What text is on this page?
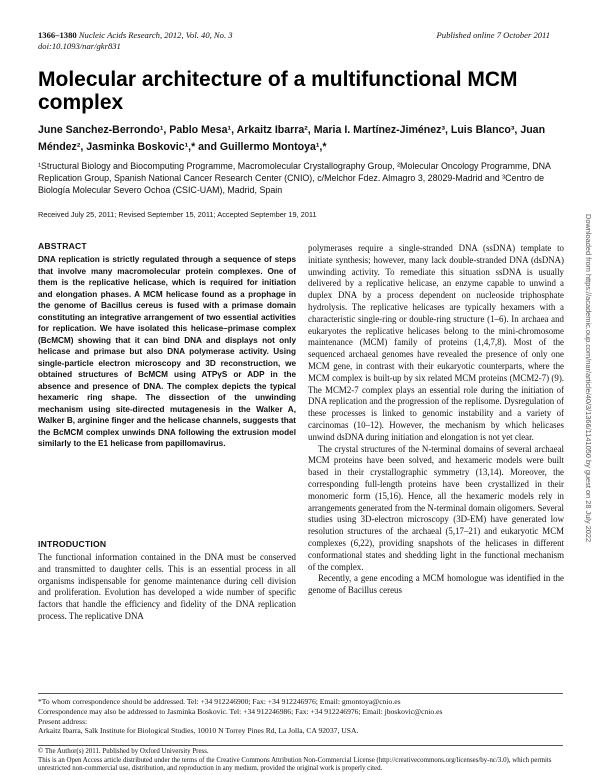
1366–1380 Nucleic Acids Research, 2012, Vol. 40, No. 3
doi:10.1093/nar/gkr831
Published online 7 October 2011
Molecular architecture of a multifunctional MCM complex
June Sanchez-Berrondo¹, Pablo Mesa¹, Arkaitz Ibarra², Maria I. Martínez-Jiménez³, Luis Blanco³, Juan Méndez², Jasminka Boskovic¹,* and Guillermo Montoya¹,*
¹Structural Biology and Biocomputing Programme, Macromolecular Crystallography Group, ²Molecular Oncology Programme, DNA Replication Group, Spanish National Cancer Research Center (CNIO), c/Melchor Fdez. Almagro 3, 28029-Madrid and ³Centro de Biología Molecular Severo Ochoa (CSIC-UAM), Madrid, Spain
Received July 25, 2011; Revised September 15, 2011; Accepted September 19, 2011
ABSTRACT
DNA replication is strictly regulated through a sequence of steps that involve many macromolecular protein complexes. One of them is the replicative helicase, which is required for initiation and elongation phases. A MCM helicase found as a prophage in the genome of Bacillus cereus is fused with a primase domain constituting an integrative arrangement of two essential activities for replication. We have isolated this helicase–primase complex (BcMCM) showing that it can bind DNA and displays not only helicase and primase but also DNA polymerase activity. Using single-particle electron microscopy and 3D reconstruction, we obtained structures of BcMCM using ATPγS or ADP in the absence and presence of DNA. The complex depicts the typical hexameric ring shape. The dissection of the unwinding mechanism using site-directed mutagenesis in the Walker A, Walker B, arginine finger and the helicase channels, suggests that the BcMCM complex unwinds DNA following the extrusion model similarly to the E1 helicase from papillomavirus.
INTRODUCTION
The functional information contained in the DNA must be conserved and transmitted to daughter cells. This is an essential process in all organisms indispensable for genome maintenance during cell division and proliferation. Evolution has developed a wide number of specific factors that handle the efficiency and fidelity of the DNA replication process. The replicative DNA

polymerases require a single-stranded DNA (ssDNA) template to initiate synthesis; however, many lack double-stranded DNA (dsDNA) unwinding activity. To remediate this situation ssDNA is usually delivered by a replicative helicase, an enzyme capable to unwind a duplex DNA by a process dependent on nucleoside triphosphate hydrolysis. The replicative helicases are typically hexamers with a characteristic single-ring or double-ring structure (1–6). In archaea and eukaryotes the replicative helicases belong to the mini-chromosome maintenance (MCM) family of proteins (1,4,7,8). Most of the sequenced archaeal genomes have revealed the presence of only one MCM gene, in contrast with their eukaryotic counterparts, where the MCM complex is built-up by six related MCM proteins (MCM2-7) (9). The MCM2-7 complex plays an essential role during the initiation of DNA replication and the progression of the replisome. Dysregulation of these processes is linked to genomic instability and a variety of carcinomas (10–12). However, the mechanism by which helicases unwind dsDNA during initiation and elongation is not yet clear.

The crystal structures of the N-terminal domains of several archaeal MCM proteins have been solved, and hexameric models were built based in their crystallographic symmetry (13,14). Moreover, the corresponding full-length proteins have been crystallized in their monomeric form (15,16). Hence, all the hexameric models rely in arrangements generated from the N-terminal domain oligomers. Several studies using 3D-electron microscopy (3D-EM) have generated low resolution structures of the archaeal (5,17–21) and eukaryotic MCM complexes (6,22), providing snapshots of the helicases in different conformational states and shedding light in the functional mechanism of the complex.

Recently, a gene encoding a MCM homologue was identified in the genome of Bacillus cereus

*To whom correspondence should be addressed. Tel: +34 912246900; Fax: +34 912246976; Email: gmontoya@cnio.es
Correspondence may also be addressed to Jasminka Boskovic. Tel: +34 912246986; Fax: +34 912246976; Email: jboskovic@cnio.es
Present address:
Arkaitz Ibarra, Salk Institute for Biological Studies, 10010 N Torrey Pines Rd, La Jolla, CA 92037, USA.
© The Author(s) 2011. Published by Oxford University Press.
This is an Open Access article distributed under the terms of the Creative Commons Attribution Non-Commercial License (http://creativecommons.org/licenses/by-nc/3.0), which permits unrestricted non-commercial use, distribution, and reproduction in any medium, provided the original work is properly cited.
Downloaded from https://academic.oup.com/nar/article/40/3/1366/1141050 by guest on 28 July 2022
